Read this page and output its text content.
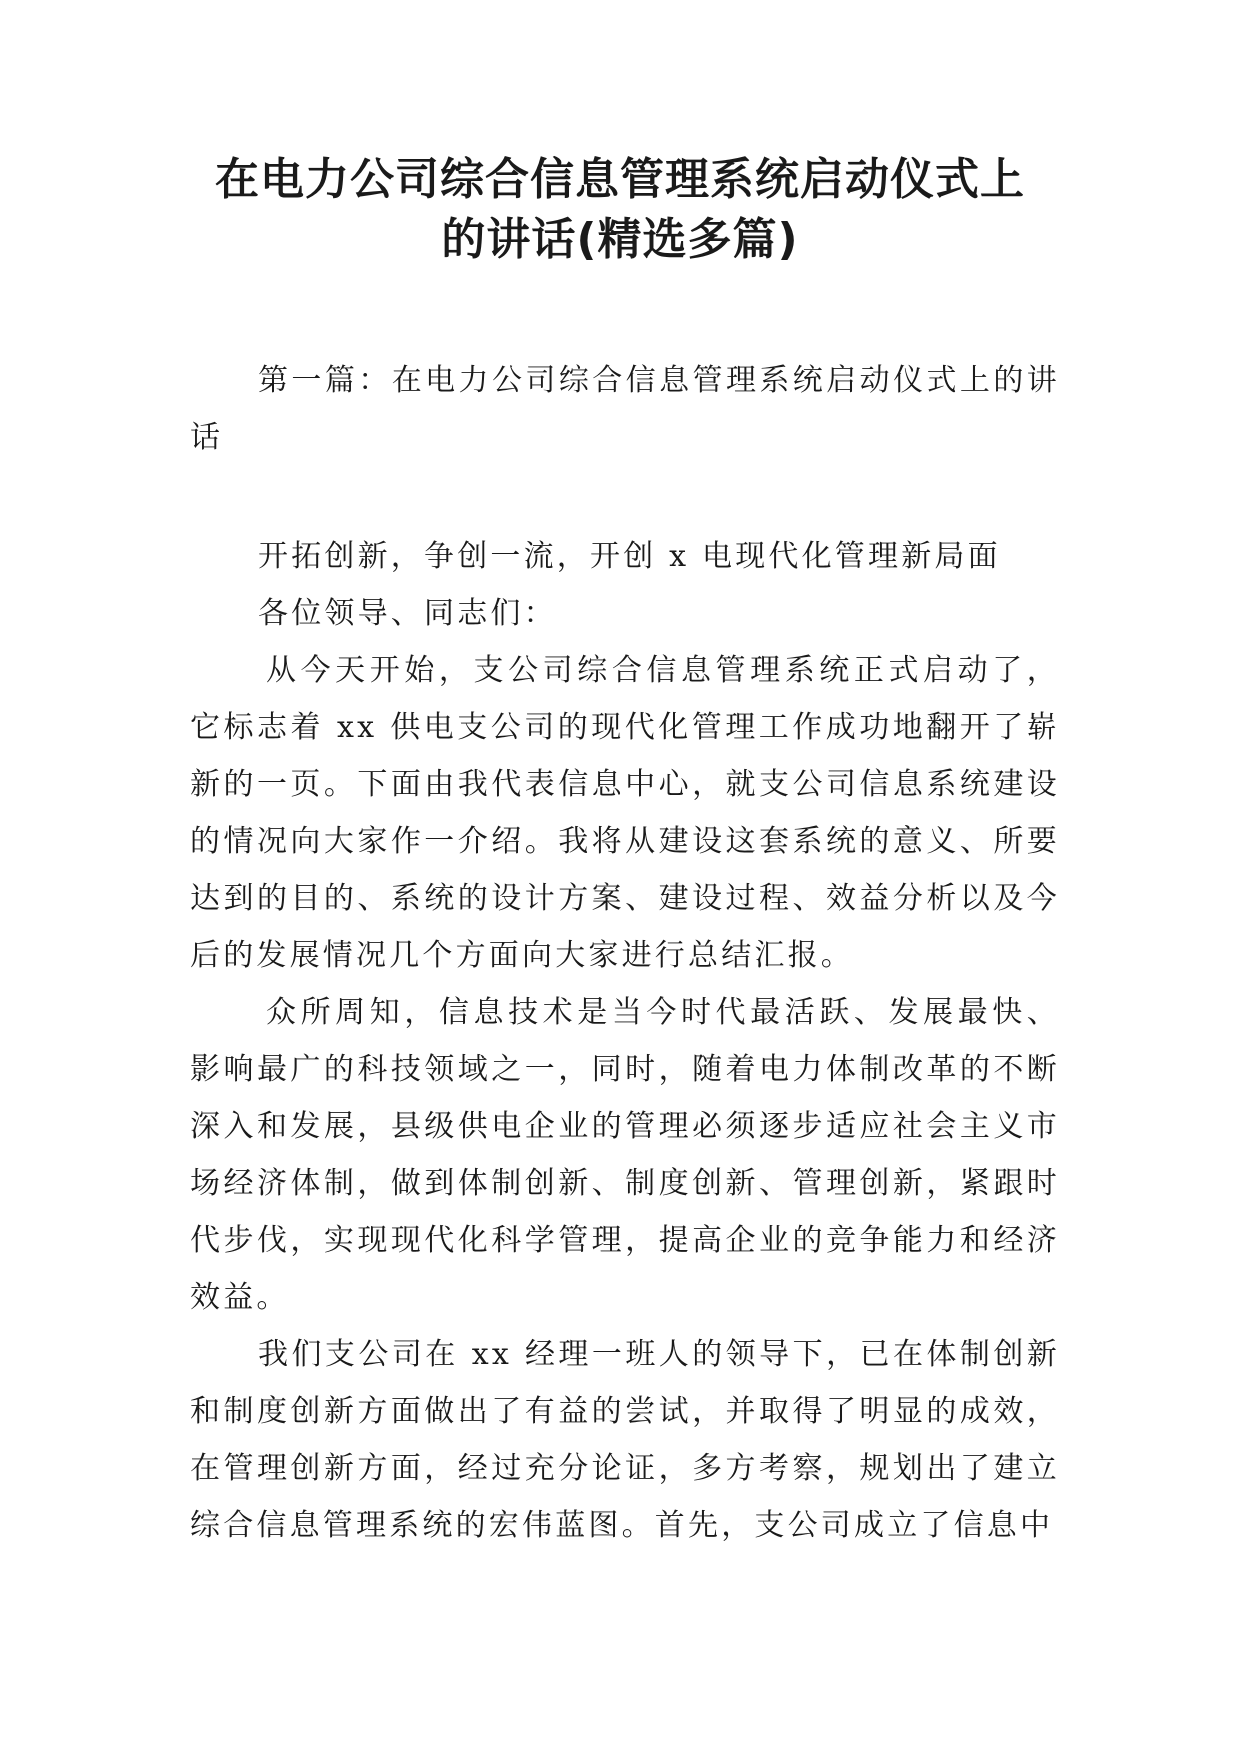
在电力公司综合信息管理系统启动仪式上
的讲话(精选多篇)

第一篇：在电力公司综合信息管理系统启动仪式上的讲话

开拓创新，争创一流，开创 x 电现代化管理新局面

各位领导、同志们：

从今天开始，支公司综合信息管理系统正式启动了，它标志着 xx 供电支公司的现代化管理工作成功地翻开了崭新的一页。下面由我代表信息中心，就支公司信息系统建设的情况向大家作一介绍。我将从建设这套系统的意义、所要达到的目的、系统的设计方案、建设过程、效益分析以及今后的发展情况几个方面向大家进行总结汇报。

众所周知，信息技术是当今时代最活跃、发展最快、影响最广的科技领域之一，同时，随着电力体制改革的不断深入和发展，县级供电企业的管理必须逐步适应社会主义市场经济体制，做到体制创新、制度创新、管理创新，紧跟时代步伐，实现现代化科学管理，提高企业的竞争能力和经济效益。

我们支公司在 xx 经理一班人的领导下，已在体制创新和制度创新方面做出了有益的尝试，并取得了明显的成效，在管理创新方面，经过充分论证，多方考察，规划出了建立综合信息管理系统的宏伟蓝图。首先，支公司成立了信息中
